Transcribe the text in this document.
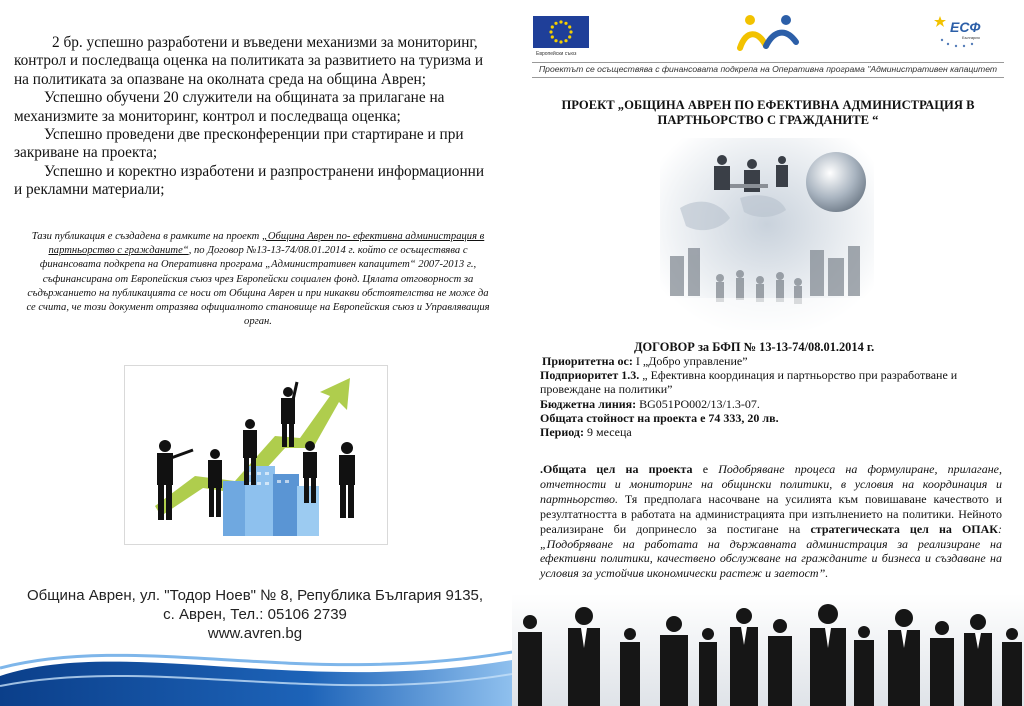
2 бр. успешно разработени и въведени механизми за мониторинг, контрол и последваща оценка на политиката за развитието на туризма и на политиката за опазване на околната среда на община Аврен;

Успешно обучени 20 служители на общината за прилагане на механизмите за мониторинг, контрол и последваща оценка;

Успешно проведени две пресконференции при стартиране и при закриване на проекта;

Успешно и коректно изработени и разпространени информационни и рекламни материали;

Тази публикация е създадена в рамките на проект „Община Аврен по- ефективна администрация в партньорство с гражданите“, по Договор №13-13-74/08.01.2014 г. който се осъществява с финансовата подкрепа на Оперативна програма „Административен капацитет“ 2007-2013 г., съфинансирана от Европейския съюз чрез Европейски социален фонд. Цялата отговорност за съдържанието на публикацията се носи от Община Аврен и при никакви обстоятелства не може да се счита, че този документ отразява официалното становище на Европейския съюз и Управляващия орган.
Община Аврен, ул. "Тодор Ноев" № 8, Република България 9135,
с. Аврен, Тел.: 05106 2739
www.avren.bg
Европейски съюз
ЕСФ
България
Проектът се осъществява с финансовата подкрепа на Оперативна програма "Административен капацитет
ПРОЕКТ „ОБЩИНА АВРЕН ПО ЕФЕКТИВНА АДМИНИСТРАЦИЯ В ПАРТНЬОРСТВО С ГРАЖДАНИТЕ “
ДОГОВОР за БФП № 13-13-74/08.01.2014 г.

Приоритетна ос: I „Добро управление”

Подприоритет 1.3. „ Ефективна координация и партньорство при разработване и провеждане на политики”

Бюджетна линия: BG051PO002/13/1.3-07.

Общата стойност на проекта е 74 333, 20 лв.

Период: 9 месеца

.Общата цел на проекта е Подобряване процеса на формулиране, прилагане, отчетности и мониторинг на общински политики, в условия на координация и партньорство. Тя предполага насочване на усилията към повишаване качеството и резултатността в работата на администрацията при изпълнението на политики. Нейното реализиране би допринесло за постигане на стратегическата цел на ОПАК: „Подобряване на работата на държавната администрация за реализиране на ефективни политики, качествено обслужване на гражданите и бизнеса и създаване на условия за устойчив икономически растеж и заетост”.
